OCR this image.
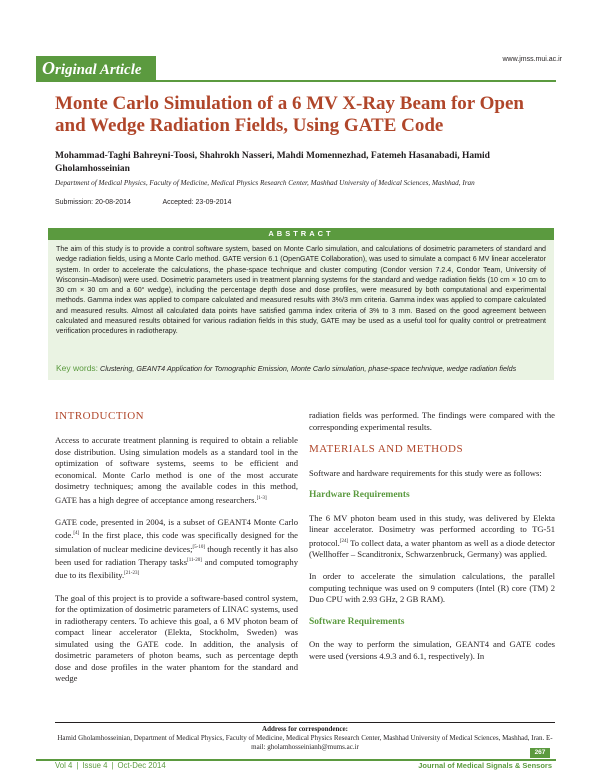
Original Article
www.jmss.mui.ac.ir
Monte Carlo Simulation of a 6 MV X-Ray Beam for Open and Wedge Radiation Fields, Using GATE Code

Mohammad-Taghi Bahreyni-Toosi, Shahrokh Nasseri, Mahdi Momennezhad, Fatemeh Hasanabadi, Hamid Gholamhosseinian

Department of Medical Physics, Faculty of Medicine, Medical Physics Research Center, Mashhad University of Medical Sciences, Mashhad, Iran

Submission: 20-08-2014	Accepted: 23-09-2014
ABSTRACT

The aim of this study is to provide a control software system, based on Monte Carlo simulation, and calculations of dosimetric parameters of standard and wedge radiation fields, using a Monte Carlo method. GATE version 6.1 (OpenGATE Collaboration), was used to simulate a compact 6 MV linear accelerator system. In order to accelerate the calculations, the phase-space technique and cluster computing (Condor version 7.2.4, Condor Team, University of Wisconsin–Madison) were used. Dosimetric parameters used in treatment planning systems for the standard and wedge radiation fields (10 cm × 10 cm to 30 cm × 30 cm and a 60° wedge), including the percentage depth dose and dose profiles, were measured by both computational and experimental methods. Gamma index was applied to compare calculated and measured results with 3%/3 mm criteria. Gamma index was applied to compare calculated and measured results. Almost all calculated data points have satisfied gamma index criteria of 3% to 3 mm. Based on the good agreement between calculated and measured results obtained for various radiation fields in this study, GATE may be used as a useful tool for quality control or pretreatment verification procedures in radiotherapy.

Key words: Clustering, GEANT4 Application for Tomographic Emission, Monte Carlo simulation, phase-space technique, wedge radiation fields

INTRODUCTION

Access to accurate treatment planning is required to obtain a reliable dose distribution. Using simulation models as a standard tool in the optimization of software systems, seems to be efficient and economical. Monte Carlo method is one of the most accurate dosimetry techniques; among the available codes in this method, GATE has a high degree of acceptance among researchers.[1-3]

GATE code, presented in 2004, is a subset of GEANT4 Monte Carlo code.[4] In the first place, this code was specifically designed for the simulation of nuclear medicine devices;[5-10] though recently it has also been used for radiation Therapy tasks[11-20] and computed tomography due to its flexibility.[21-23]

The goal of this project is to provide a software-based control system, for the optimization of dosimetric parameters of LINAC systems, used in radiotherapy centers. To achieve this goal, a 6 MV photon beam of compact linear accelerator (Elekta, Stockholm, Sweden) was simulated using the GATE code. In addition, the analysis of dosimetric parameters of photon beams, such as percentage depth dose and dose profiles in the water phantom for the standard and wedge

radiation fields was performed. The findings were compared with the corresponding experimental results.

MATERIALS AND METHODS

Software and hardware requirements for this study were as follows:

Hardware Requirements

The 6 MV photon beam used in this study, was delivered by Elekta linear accelerator. Dosimetry was performed according to TG-51 protocol.[24] To collect data, a water phantom as well as a diode detector (Wellhoffer – Scanditronix, Schwarzenbruck, Germany) was applied.

In order to accelerate the simulation calculations, the parallel computing technique was used on 9 computers (Intel (R) core (TM) 2 Duo CPU with 2.93 GHz, 2 GB RAM).

Software Requirements

On the way to perform the simulation, GEANT4 and GATE codes were used (versions 4.9.3 and 6.1, respectively). In

Address for correspondence:
Hamid Gholamhosseinian, Department of Medical Physics, Faculty of Medicine, Medical Physics Research Center, Mashhad University of Medical Sciences, Mashhad, Iran. E-mail: gholamhosseinianh@mums.ac.ir
267
Vol 4 | Issue 4 | Oct-Dec 2014	Journal of Medical Signals & Sensors
